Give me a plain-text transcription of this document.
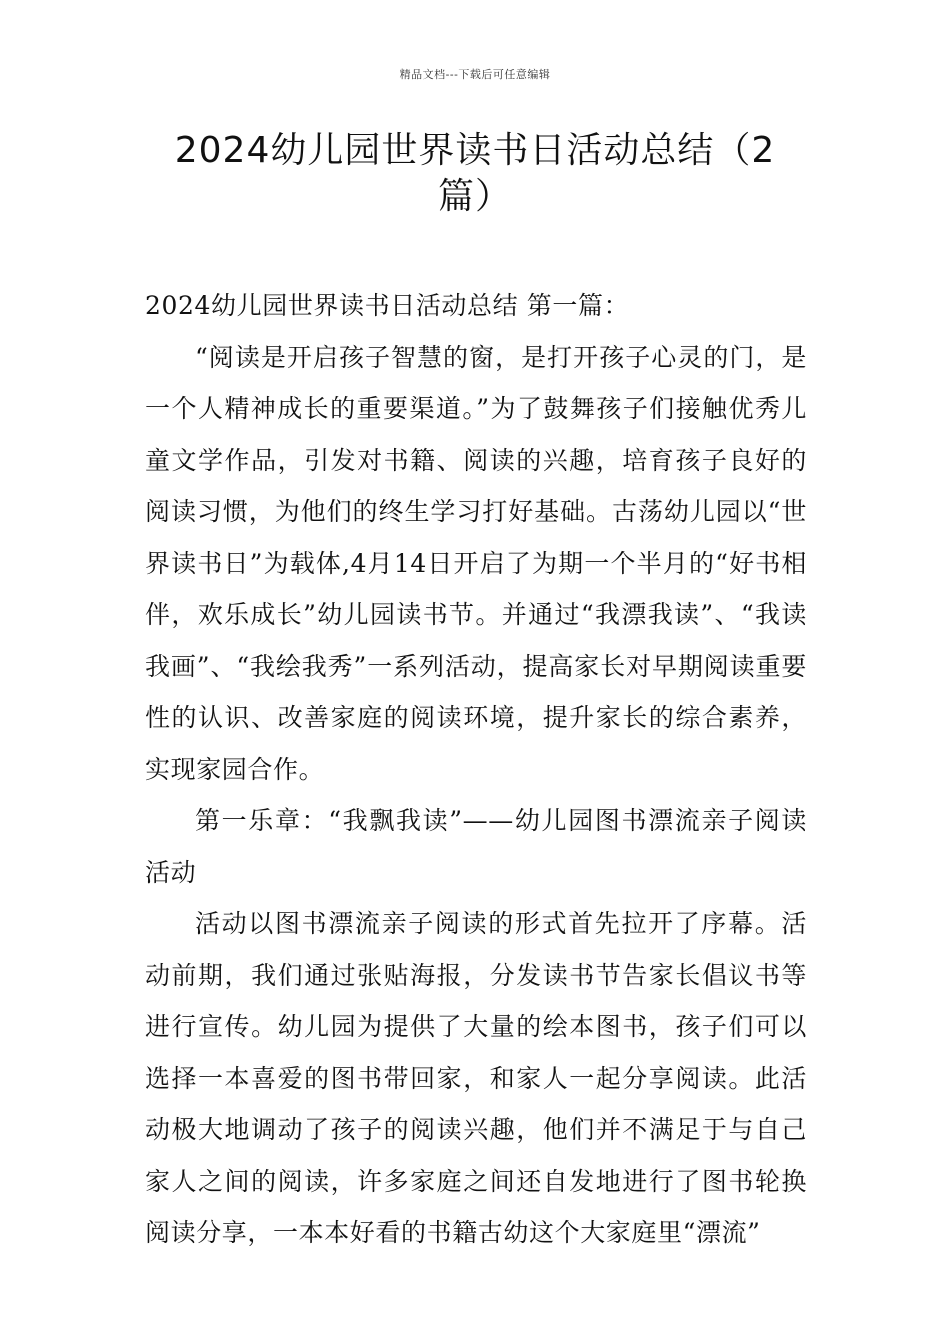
精品文档---下载后可任意编辑
2024幼儿园世界读书日活动总结（2篇）

2024幼儿园世界读书日活动总结 第一篇：

“阅读是开启孩子智慧的窗，是打开孩子心灵的门，是一个人精神成长的重要渠道。”为了鼓舞孩子们接触优秀儿童文学作品，引发对书籍、阅读的兴趣，培育孩子良好的阅读习惯，为他们的终生学习打好基础。古荡幼儿园以“世界读书日”为载体,4月14日开启了为期一个半月的“好书相伴，欢乐成长”幼儿园读书节。并通过“我漂我读”、“我读我画”、“我绘我秀”一系列活动，提高家长对早期阅读重要性的认识、改善家庭的阅读环境，提升家长的综合素养，实现家园合作。

第一乐章：“我飘我读”——幼儿园图书漂流亲子阅读活动

活动以图书漂流亲子阅读的形式首先拉开了序幕。活动前期，我们通过张贴海报，分发读书节告家长倡议书等进行宣传。幼儿园为提供了大量的绘本图书，孩子们可以选择一本喜爱的图书带回家，和家人一起分享阅读。此活动极大地调动了孩子的阅读兴趣，他们并不满足于与自己家人之间的阅读，许多家庭之间还自发地进行了图书轮换阅读分享，一本本好看的书籍古幼这个大家庭里“漂流”
